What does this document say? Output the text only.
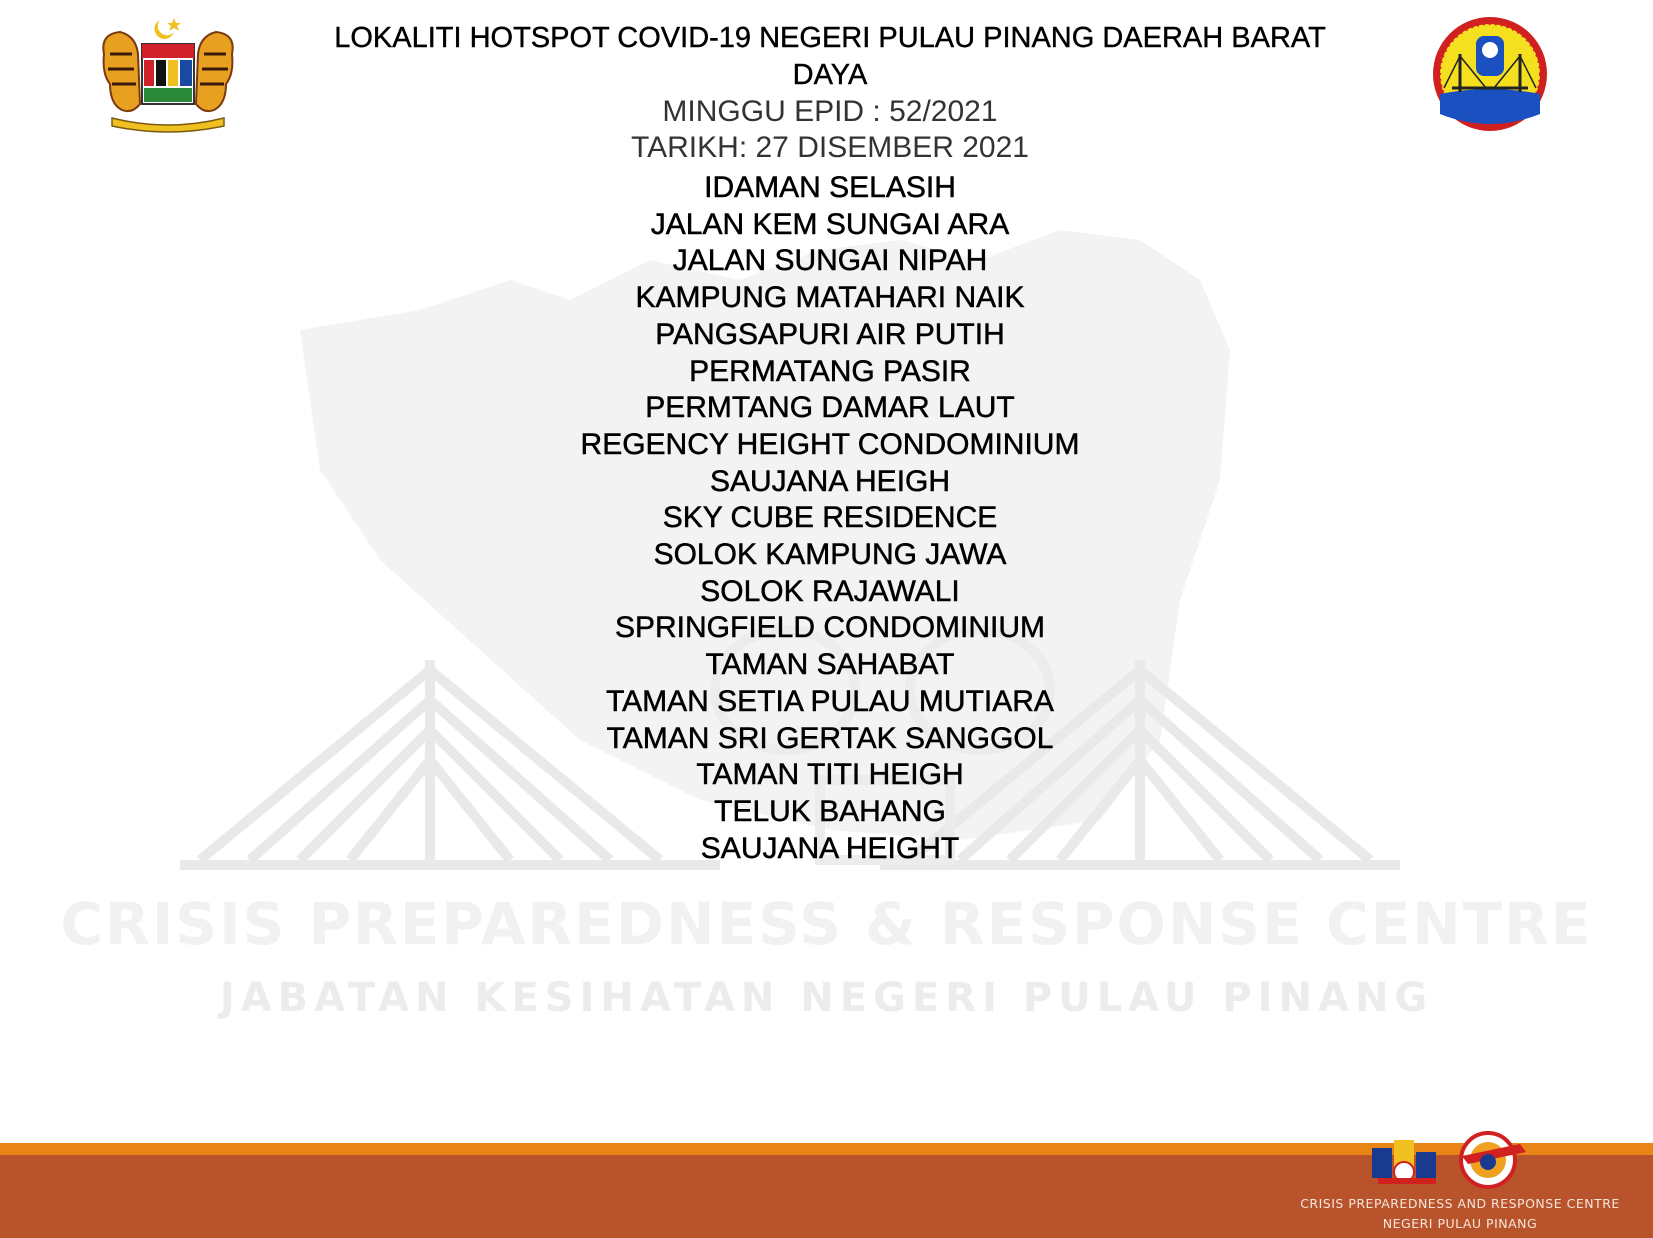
CRISIS PREPAREDNESS & RESPONSE CENTRE
JABATAN KESIHATAN NEGERI PULAU PINANG
LOKALITI HOTSPOT COVID-19 NEGERI PULAU PINANG DAERAH BARAT
DAYA
MINGGU EPID : 52/2021
TARIKH: 27 DISEMBER 2021
IDAMAN SELASIH
JALAN KEM SUNGAI ARA
JALAN SUNGAI NIPAH
KAMPUNG MATAHARI NAIK
PANGSAPURI AIR PUTIH
PERMATANG PASIR
PERMTANG DAMAR LAUT
REGENCY HEIGHT CONDOMINIUM
SAUJANA HEIGH
SKY CUBE RESIDENCE
SOLOK KAMPUNG JAWA
SOLOK RAJAWALI
SPRINGFIELD CONDOMINIUM
TAMAN SAHABAT
TAMAN SETIA PULAU MUTIARA
TAMAN SRI GERTAK SANGGOL
TAMAN TITI HEIGH
TELUK BAHANG
SAUJANA HEIGHT
CRISIS PREPAREDNESS AND RESPONSE CENTRE
NEGERI PULAU PINANG
